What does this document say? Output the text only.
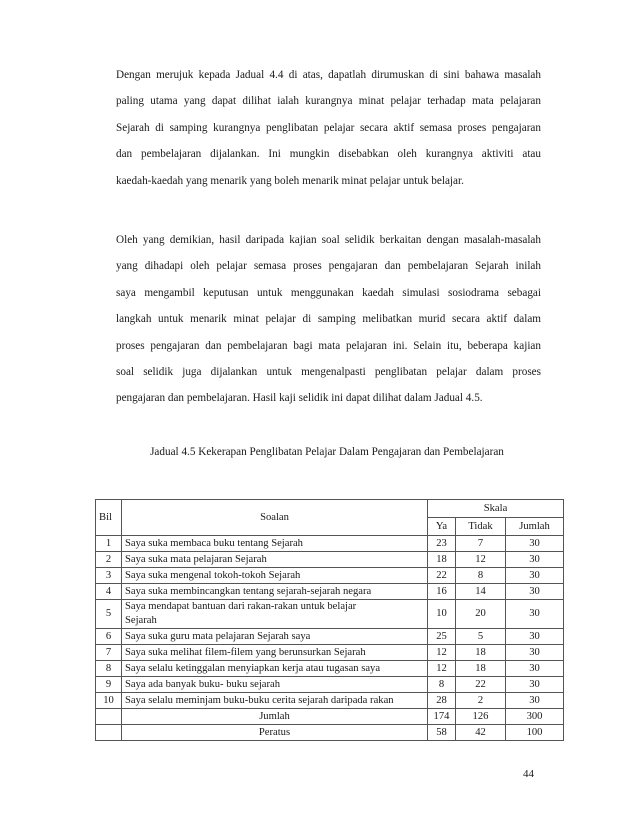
Dengan merujuk kepada Jadual 4.4 di atas, dapatlah dirumuskan di sini bahawa masalah
paling utama yang dapat dilihat ialah kurangnya minat pelajar terhadap mata pelajaran
Sejarah di samping kurangnya penglibatan pelajar secara aktif semasa proses pengajaran
dan pembelajaran dijalankan. Ini mungkin disebabkan oleh kurangnya aktiviti atau
kaedah-kaedah yang menarik yang boleh menarik minat pelajar untuk belajar.
Oleh yang demikian, hasil daripada kajian soal selidik berkaitan dengan masalah-masalah
yang dihadapi oleh pelajar semasa proses pengajaran dan pembelajaran Sejarah inilah
saya mengambil keputusan untuk menggunakan kaedah simulasi sosiodrama sebagai
langkah untuk menarik minat pelajar di samping melibatkan murid secara aktif dalam
proses pengajaran dan pembelajaran bagi mata pelajaran ini. Selain itu, beberapa kajian
soal selidik juga dijalankan untuk mengenalpasti penglibatan pelajar dalam proses
pengajaran dan pembelajaran. Hasil kaji selidik ini dapat dilihat dalam Jadual 4.5.

Jadual 4.5 Kekerapan Penglibatan Pelajar Dalam Pengajaran dan Pembelajaran

Bil	Soalan	Skala		
		Ya	Tidak	Jumlah
1	Saya suka membaca buku tentang Sejarah	23	7	30
2	Saya suka mata pelajaran Sejarah	18	12	30
3	Saya suka mengenal tokoh-tokoh Sejarah	22	8	30
4	Saya suka membincangkan tentang sejarah-sejarah negara	16	14	30
5	Saya mendapat bantuan dari rakan-rakan untuk belajar
Sejarah	10	20	30
6	Saya suka guru mata pelajaran Sejarah saya	25	5	30
7	Saya suka melihat filem-filem yang berunsurkan Sejarah	12	18	30
8	Saya selalu ketinggalan menyiapkan kerja atau tugasan saya	12	18	30
9	Saya ada banyak buku- buku sejarah	8	22	30
10	Saya selalu meminjam buku-buku cerita sejarah daripada rakan	28	2	30
	Jumlah	174	126	300
	Peratus	58	42	100

44
